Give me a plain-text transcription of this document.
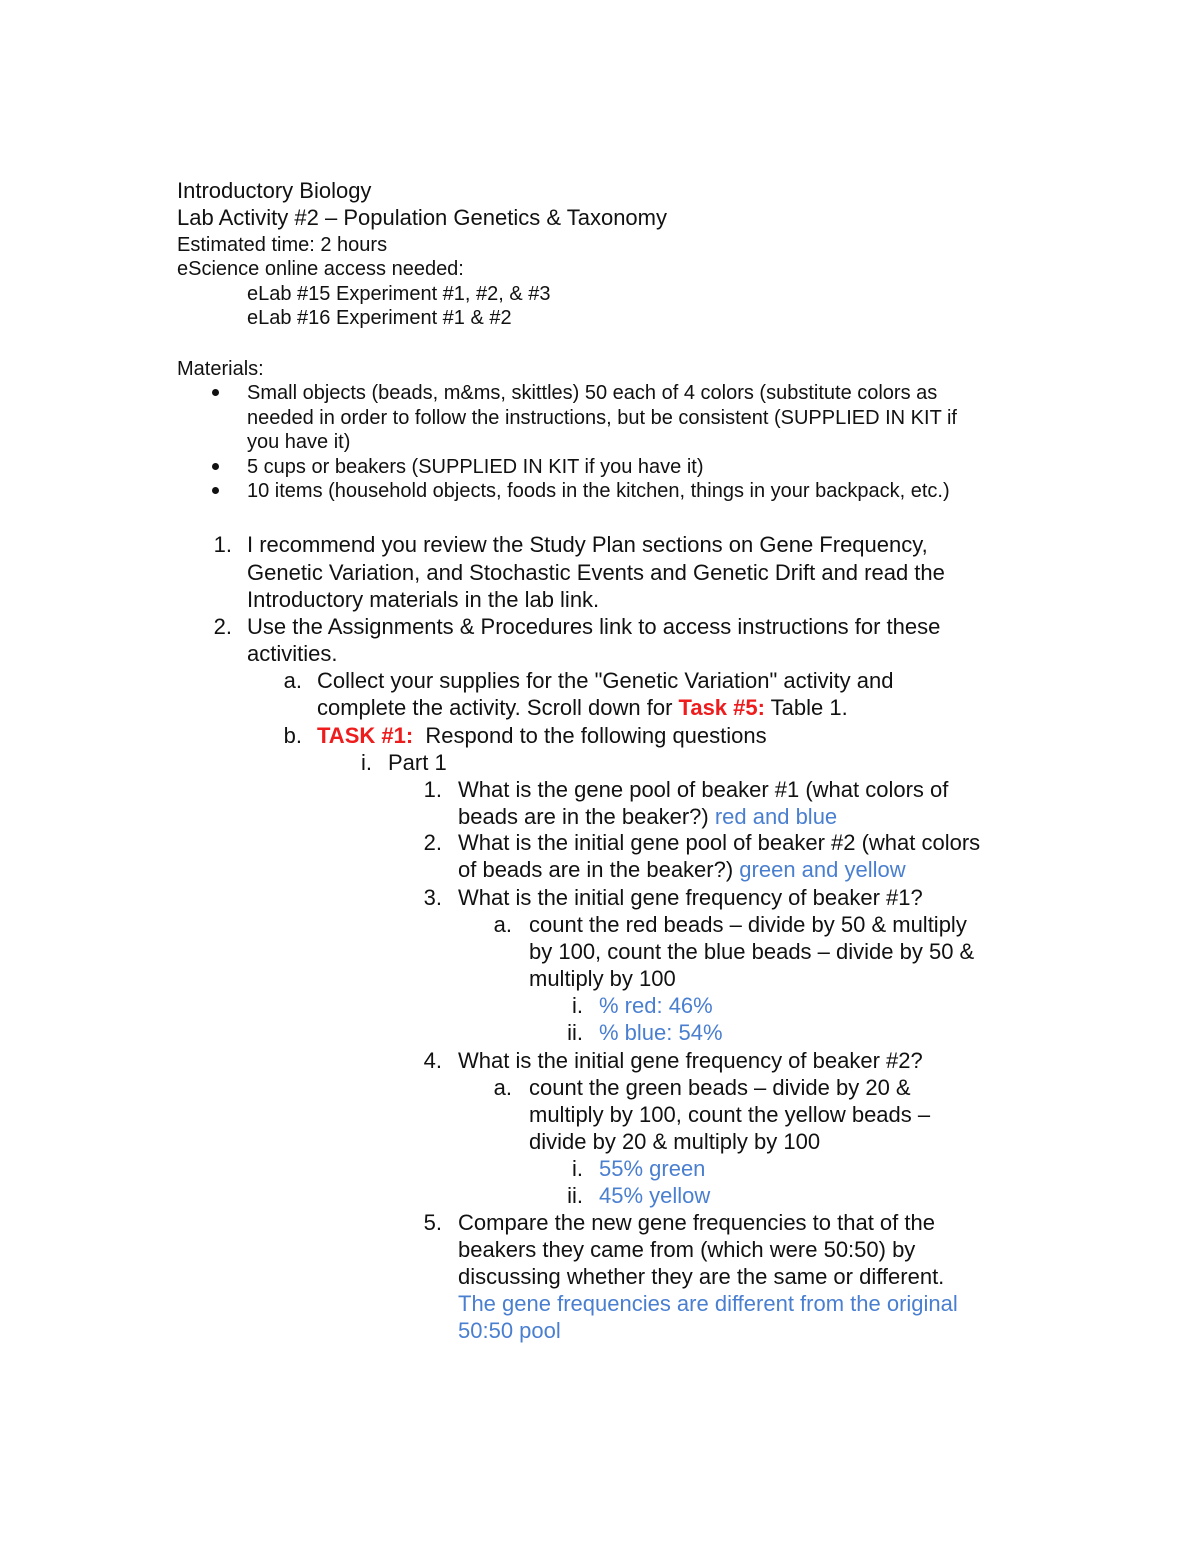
Introductory Biology
Lab Activity #2 – Population Genetics & Taxonomy
Estimated time: 2 hours
eScience online access needed:
eLab #15 Experiment #1, #2, & #3
eLab #16 Experiment #1 & #2
Materials:
Small objects (beads, m&ms, skittles) 50 each of 4 colors (substitute colors as
needed in order to follow the instructions, but be consistent (SUPPLIED IN KIT if
you have it)
5 cups or beakers (SUPPLIED IN KIT if you have it)
10 items (household objects, foods in the kitchen, things in your backpack, etc.)
1. I recommend you review the Study Plan sections on Gene Frequency,
Genetic Variation, and Stochastic Events and Genetic Drift and read the
Introductory materials in the lab link.
2. Use the Assignments & Procedures link to access instructions for these
activities.
a. Collect your supplies for the "Genetic Variation" activity and
complete the activity. Scroll down for Task #5: Table 1.
b. TASK #1:  Respond to the following questions
i. Part 1
1. What is the gene pool of beaker #1 (what colors of
beads are in the beaker?) red and blue
2. What is the initial gene pool of beaker #2 (what colors
of beads are in the beaker?) green and yellow
3. What is the initial gene frequency of beaker #1?
a. count the red beads – divide by 50 & multiply
by 100, count the blue beads – divide by 50 &
multiply by 100
i. % red: 46%
ii. % blue: 54%
4. What is the initial gene frequency of beaker #2?
a. count the green beads – divide by 20 &
multiply by 100, count the yellow beads –
divide by 20 & multiply by 100
i. 55% green
ii. 45% yellow
5. Compare the new gene frequencies to that of the
beakers they came from (which were 50:50) by
discussing whether they are the same or different.
The gene frequencies are different from the original
50:50 pool
